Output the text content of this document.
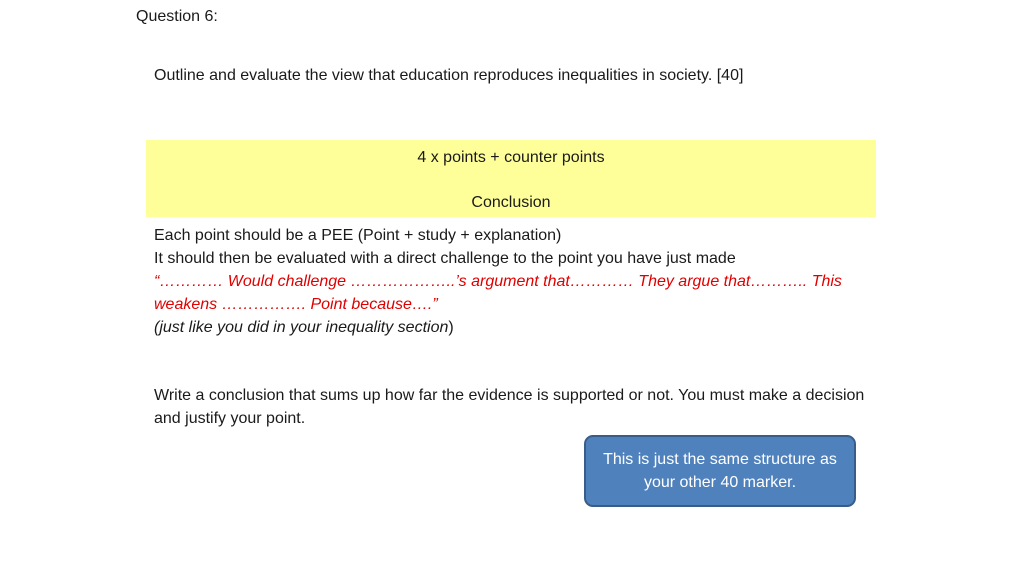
Question 6:
Outline and evaluate the view that education reproduces inequalities in society. [40]
4 x points + counter points
Conclusion

Each point should be a PEE (Point + study + explanation)

It should then be evaluated with a direct challenge to the point you have just made

“………… Would challenge ………………..’s argument that………… They argue that……….. This weakens ……………. Point because….”

(just like you did in your inequality section)

Write a conclusion that sums up how far the evidence is supported or not. You must make a decision and justify your point.

This is just the same structure as your other 40 marker.
